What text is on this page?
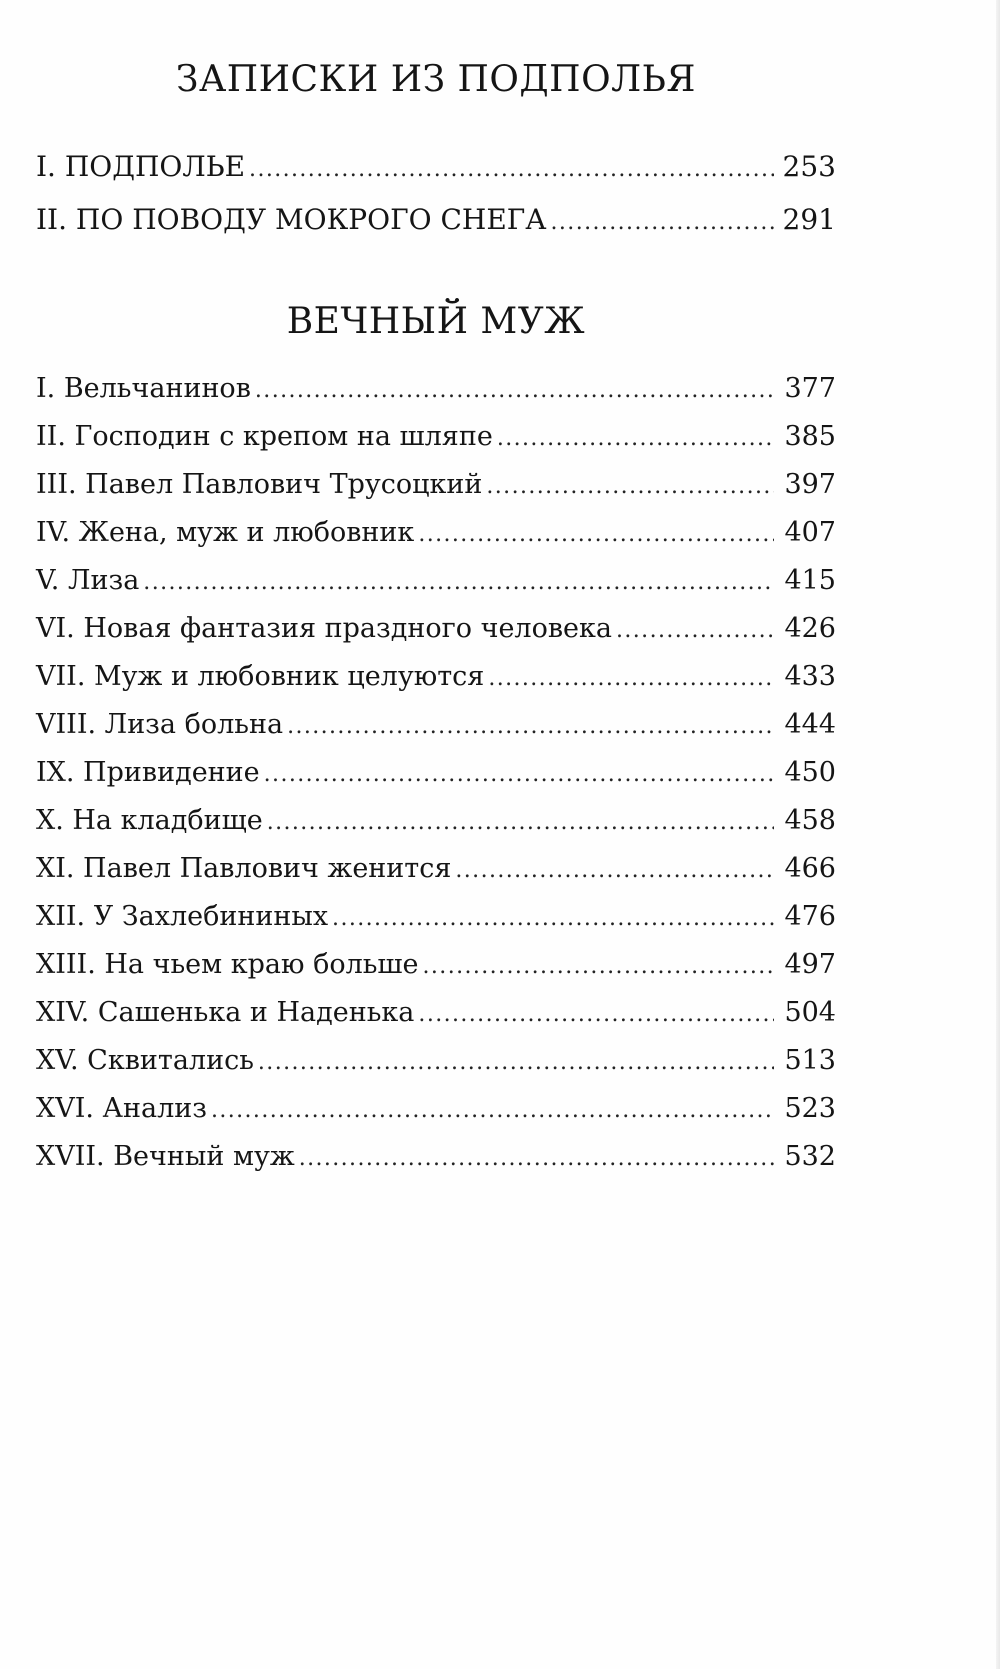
ЗАПИСКИ ИЗ ПОДПОЛЬЯ
I. ПОДПОЛЬЕ .....	253
II. ПО ПОВОДУ МОКРОГО СНЕГА .....	291
ВЕЧНЫЙ МУЖ
I. Вельчанинов .....	377
II. Господин с крепом на шляпе .....	385
III. Павел Павлович Трусоцкий .....	397
IV. Жена, муж и любовник .....	407
V. Лиза .....	415
VI. Новая фантазия праздного человека .....	426
VII. Муж и любовник целуются .....	433
VIII. Лиза больна .....	444
IX. Привидение .....	450
X. На кладбище .....	458
XI. Павел Павлович женится .....	466
XII. У Захлебининых .....	476
XIII. На чьем краю больше .....	497
XIV. Сашенька и Наденька .....	504
XV. Сквитались .....	513
XVI. Анализ .....	523
XVII. Вечный муж .....	532
